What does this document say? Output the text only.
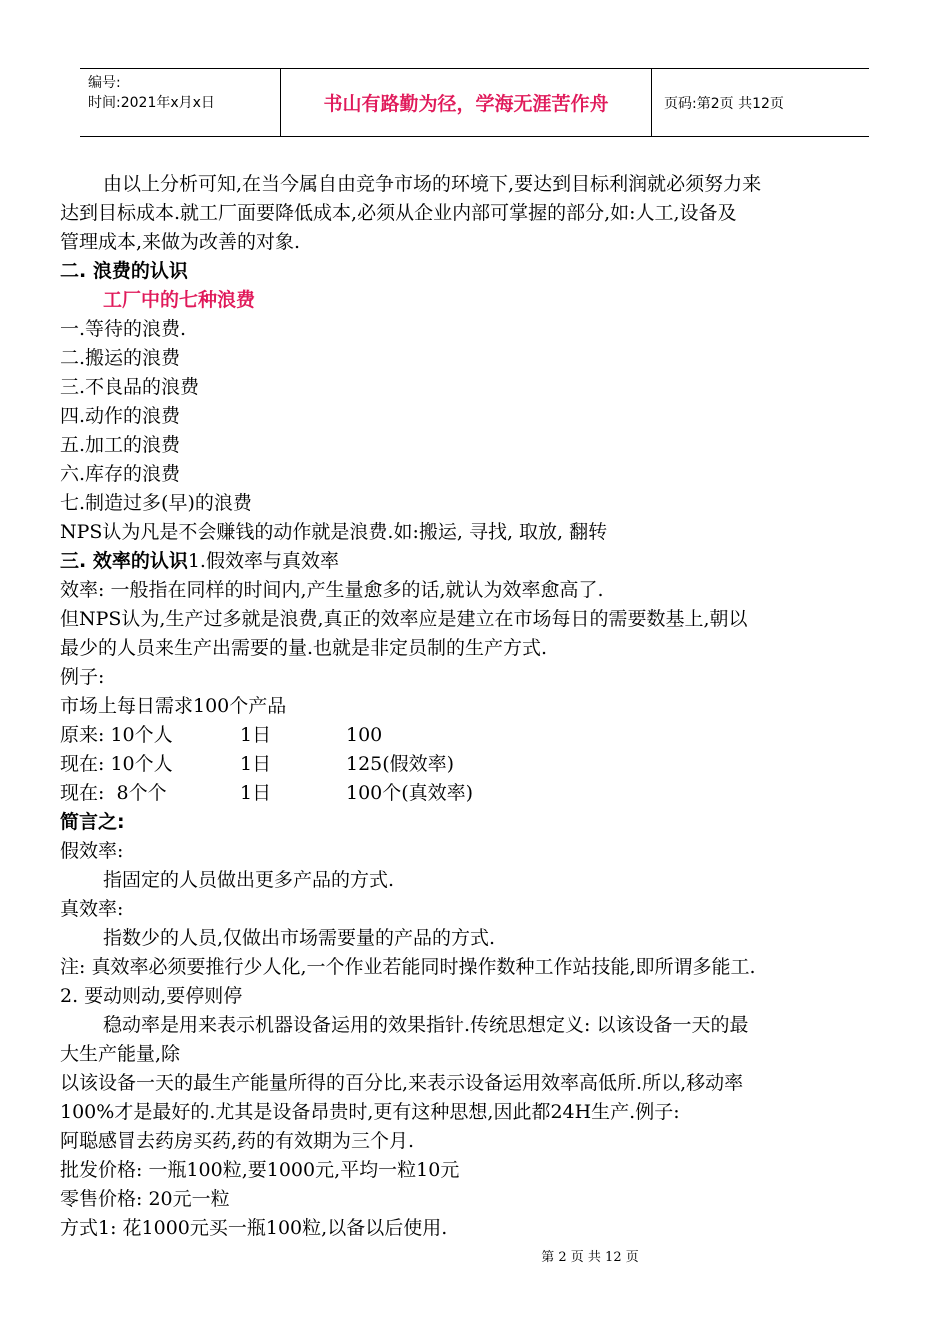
编号:
时间:2021年x月x日	书山有路勤为径，学海无涯苦作舟	页码:第2页 共12页
由以上分析可知,在当今属自由竞争市场的环境下,要达到目标利润就必须努力来
达到目标成本.就工厂面要降低成本,必须从企业内部可掌握的部分,如:人工,设备及
管理成本,来做为改善的对象.
二. 浪费的认识
工厂中的七种浪费
一.等待的浪费.
二.搬运的浪费
三.不良品的浪费
四.动作的浪费
五.加工的浪费
六.库存的浪费
七.制造过多(早)的浪费
NPS认为凡是不会赚钱的动作就是浪费.如:搬运, 寻找, 取放, 翻转
三. 效率的认识1.假效率与真效率
效率: 一般指在同样的时间内,产生量愈多的话,就认为效率愈高了.
但NPS认为,生产过多就是浪费,真正的效率应是建立在市场每日的需要数基上,朝以
最少的人员来生产出需要的量.也就是非定员制的生产方式.
例子:
市场上每日需求100个产品
原来: 10个人	1日	100
现在: 10个人	1日	125(假效率)
现在:  8个个	1日	100个(真效率)
简言之:
假效率:
指固定的人员做出更多产品的方式.
真效率:
指数少的人员,仅做出市场需要量的产品的方式.
注: 真效率必须要推行少人化,一个作业若能同时操作数种工作站技能,即所谓多能工.
2. 要动则动,要停则停
稳动率是用来表示机器设备运用的效果指针.传统思想定义: 以该设备一天的最
大生产能量,除
以该设备一天的最生产能量所得的百分比,来表示设备运用效率高低所.所以,移动率
100%才是最好的.尤其是设备昂贵时,更有这种思想,因此都24H生产.例子:
阿聪感冒去药房买药,药的有效期为三个月.
批发价格: 一瓶100粒,要1000元,平均一粒10元
零售价格: 20元一粒
方式1: 花1000元买一瓶100粒,以备以后使用.
第 2 页 共 12 页
